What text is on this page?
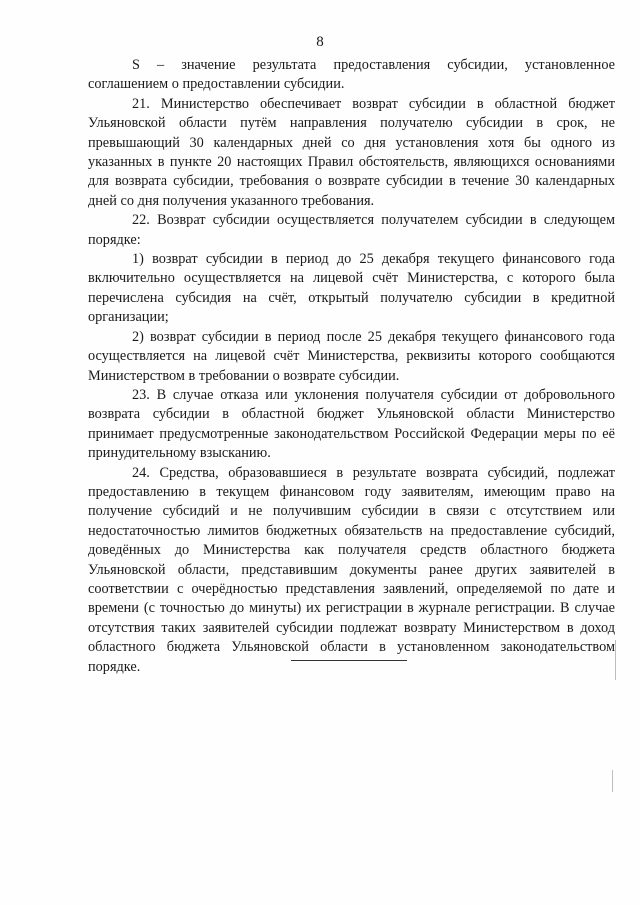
8

S – значение результата предоставления субсидии, установленное соглашением о предоставлении субсидии.

21. Министерство обеспечивает возврат субсидии в областной бюджет Ульяновской области путём направления получателю субсидии в срок, не превышающий 30 календарных дней со дня установления хотя бы одного из указанных в пункте 20 настоящих Правил обстоятельств, являющихся основаниями для возврата субсидии, требования о возврате субсидии в течение 30 календарных дней со дня получения указанного требования.

22. Возврат субсидии осуществляется получателем субсидии в следующем порядке:

1) возврат субсидии в период до 25 декабря текущего финансового года включительно осуществляется на лицевой счёт Министерства, с которого была перечислена субсидия на счёт, открытый получателю субсидии в кредитной организации;

2) возврат субсидии в период после 25 декабря текущего финансового года осуществляется на лицевой счёт Министерства, реквизиты которого сообщаются Министерством в требовании о возврате субсидии.

23. В случае отказа или уклонения получателя субсидии от добровольного возврата субсидии в областной бюджет Ульяновской области Министерство принимает предусмотренные законодательством Российской Федерации меры по её принудительному взысканию.

24. Средства, образовавшиеся в результате возврата субсидий, подлежат предоставлению в текущем финансовом году заявителям, имеющим право на получение субсидий и не получившим субсидии в связи с отсутствием или недостаточностью лимитов бюджетных обязательств на предоставление субсидий, доведённых до Министерства как получателя средств областного бюджета Ульяновской области, представившим документы ранее других заявителей в соответствии с очерёдностью представления заявлений, определяемой по дате и времени (с точностью до минуты) их регистрации в журнале регистрации. В случае отсутствия таких заявителей субсидии подлежат возврату Министерством в доход областного бюджета Ульяновской области в установленном законодательством порядке.
